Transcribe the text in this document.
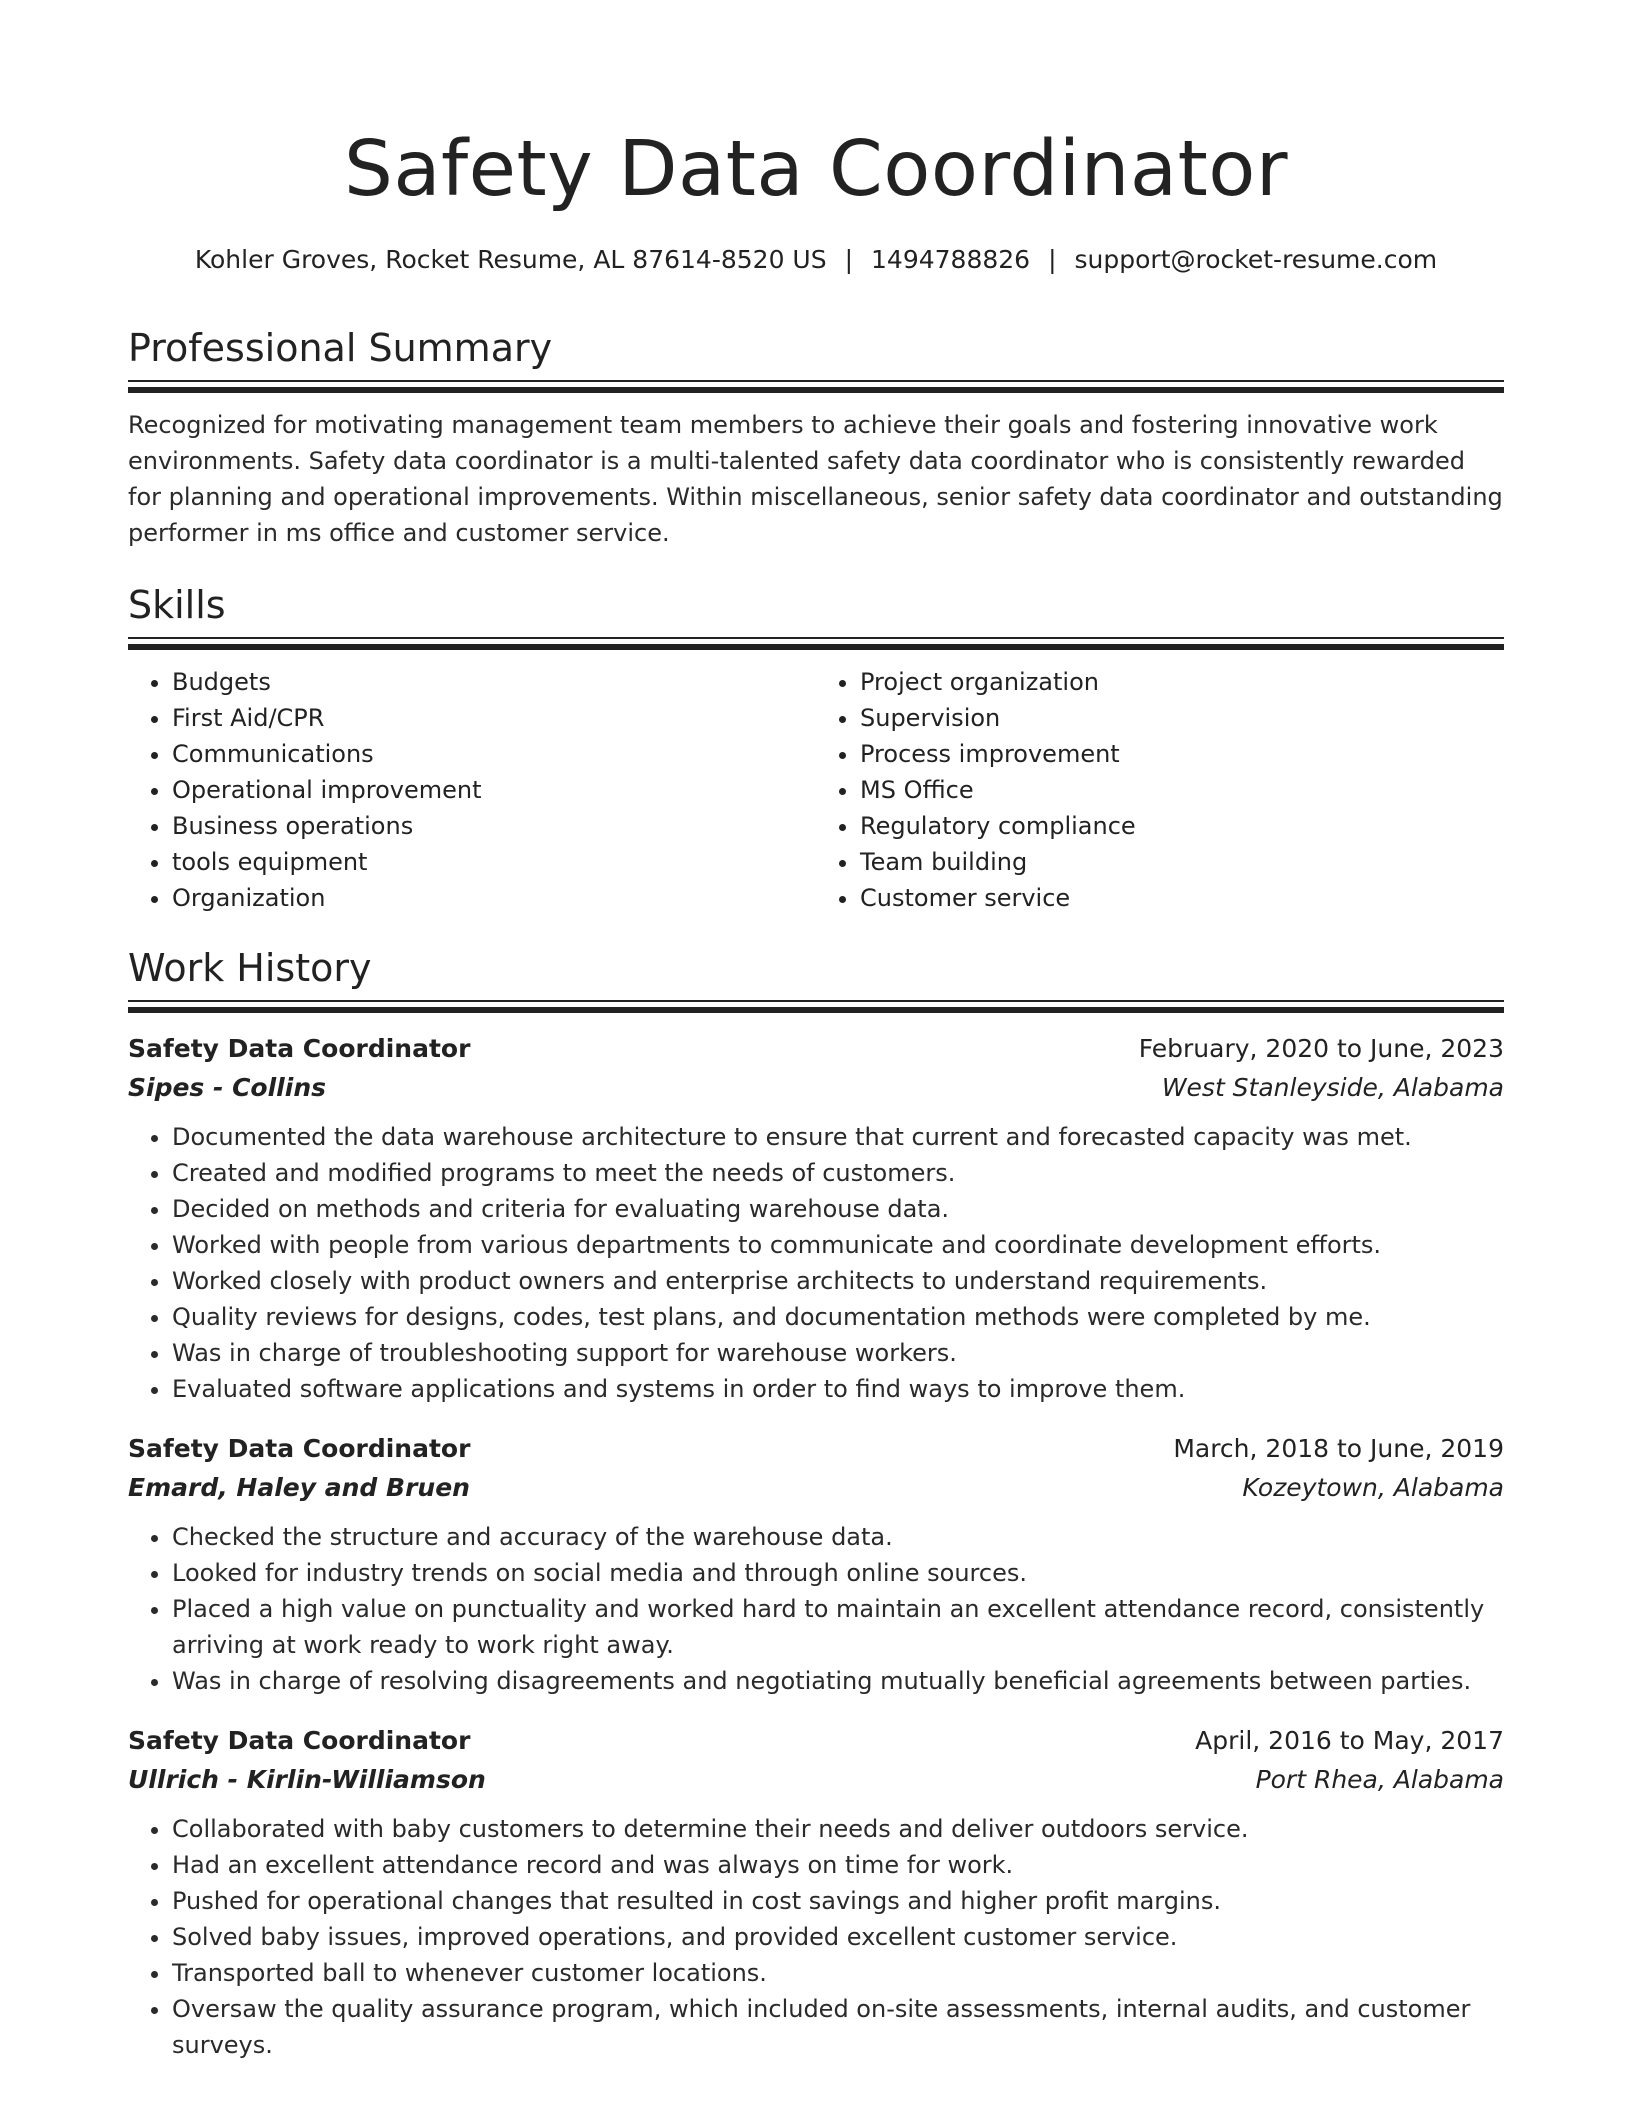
Safety Data Coordinator
Kohler Groves, Rocket Resume, AL 87614-8520 US | 1494788826 | support@rocket-resume.com
Professional Summary

Recognized for motivating management team members to achieve their goals and fostering innovative work environments. Safety data coordinator is a multi-talented safety data coordinator who is consistently rewarded for planning and operational improvements. Within miscellaneous, senior safety data coordinator and outstanding performer in ms office and customer service.

Skills
• Budgets
• First Aid/CPR
• Communications
• Operational improvement
• Business operations
• tools equipment
• Organization
• Project organization
• Supervision
• Process improvement
• MS Office
• Regulatory compliance
• Team building
• Customer service
Work History
Safety Data Coordinator	February, 2020 to June, 2023
Sipes - Collins	West Stanleyside, Alabama
• Documented the data warehouse architecture to ensure that current and forecasted capacity was met.
• Created and modified programs to meet the needs of customers.
• Decided on methods and criteria for evaluating warehouse data.
• Worked with people from various departments to communicate and coordinate development efforts.
• Worked closely with product owners and enterprise architects to understand requirements.
• Quality reviews for designs, codes, test plans, and documentation methods were completed by me.
• Was in charge of troubleshooting support for warehouse workers.
• Evaluated software applications and systems in order to find ways to improve them.
Safety Data Coordinator	March, 2018 to June, 2019
Emard, Haley and Bruen	Kozeytown, Alabama
• Checked the structure and accuracy of the warehouse data.
• Looked for industry trends on social media and through online sources.
• Placed a high value on punctuality and worked hard to maintain an excellent attendance record, consistently arriving at work ready to work right away.
• Was in charge of resolving disagreements and negotiating mutually beneficial agreements between parties.
Safety Data Coordinator	April, 2016 to May, 2017
Ullrich - Kirlin-Williamson	Port Rhea, Alabama
• Collaborated with baby customers to determine their needs and deliver outdoors service.
• Had an excellent attendance record and was always on time for work.
• Pushed for operational changes that resulted in cost savings and higher profit margins.
• Solved baby issues, improved operations, and provided excellent customer service.
• Transported ball to whenever customer locations.
• Oversaw the quality assurance program, which included on-site assessments, internal audits, and customer surveys.
